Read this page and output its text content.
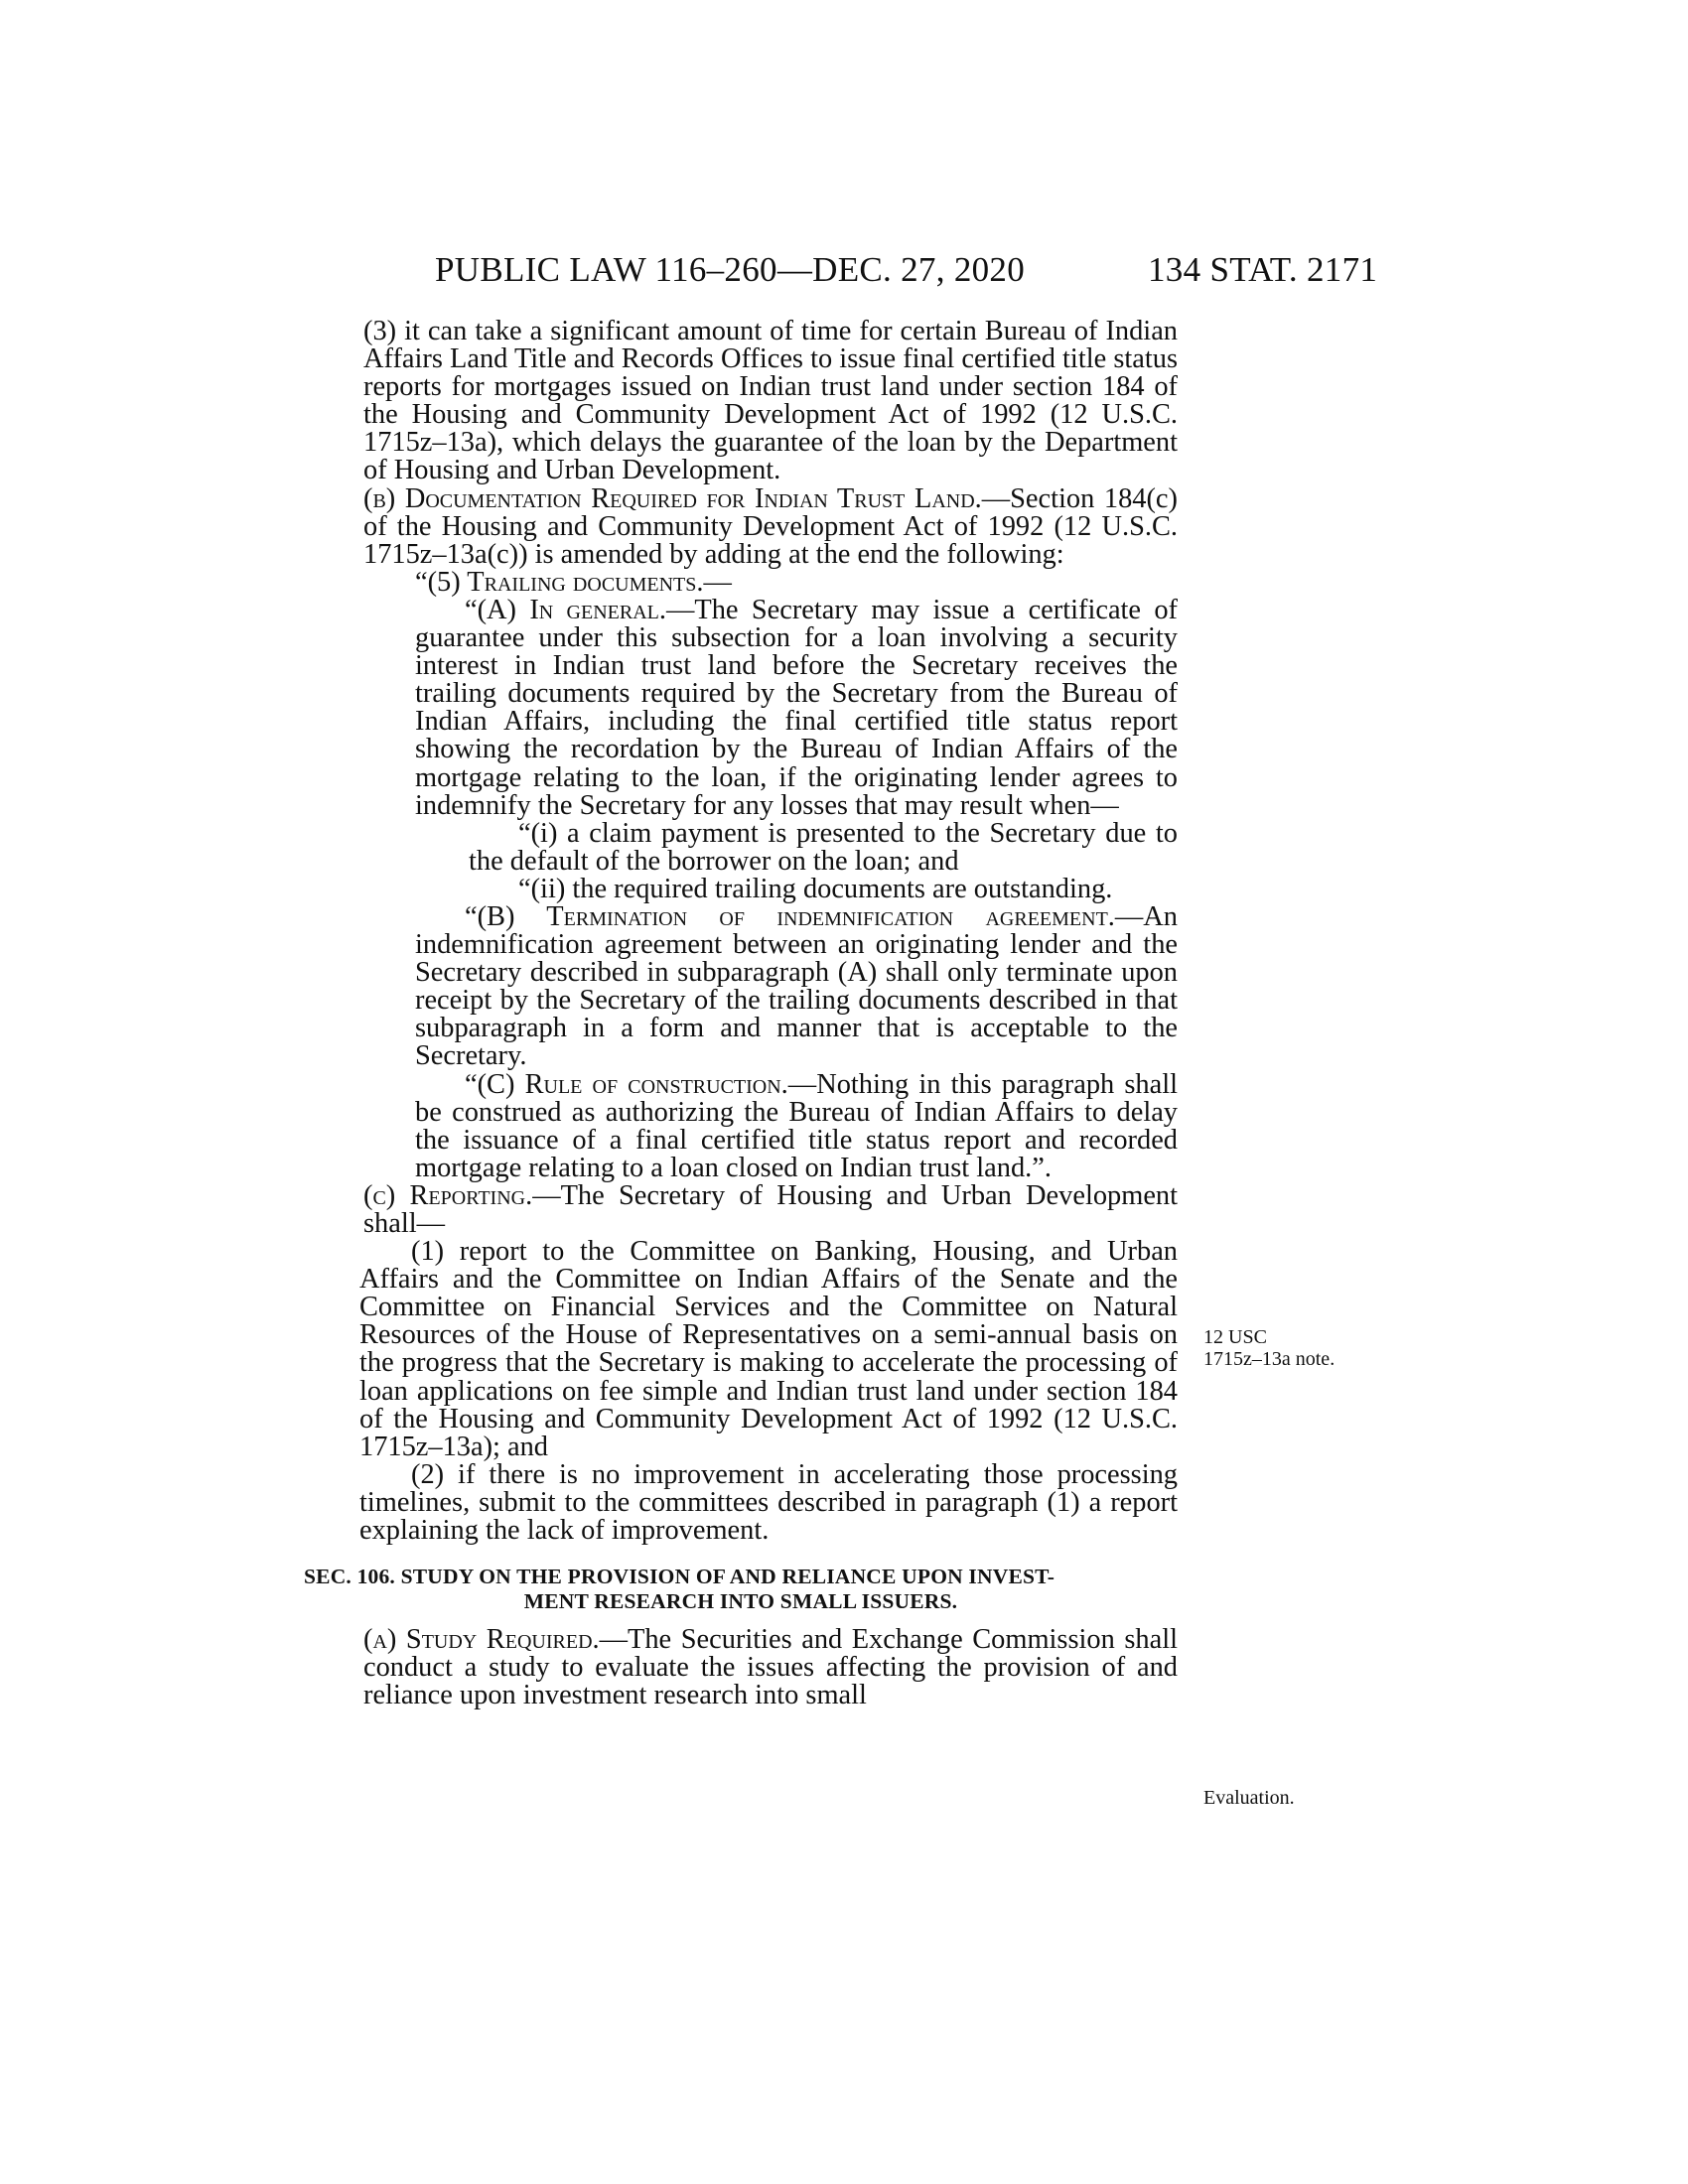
PUBLIC LAW 116–260—DEC. 27, 2020	134 STAT. 2171

(3) it can take a significant amount of time for certain Bureau of Indian Affairs Land Title and Records Offices to issue final certified title status reports for mortgages issued on Indian trust land under section 184 of the Housing and Community Development Act of 1992 (12 U.S.C. 1715z–13a), which delays the guarantee of the loan by the Department of Housing and Urban Development.

(b) Documentation Required for Indian Trust Land.—Section 184(c) of the Housing and Community Development Act of 1992 (12 U.S.C. 1715z–13a(c)) is amended by adding at the end the following:

“(5) Trailing documents.—

“(A) In general.—The Secretary may issue a certificate of guarantee under this subsection for a loan involving a security interest in Indian trust land before the Secretary receives the trailing documents required by the Secretary from the Bureau of Indian Affairs, including the final certified title status report showing the recordation by the Bureau of Indian Affairs of the mortgage relating to the loan, if the originating lender agrees to indemnify the Secretary for any losses that may result when—

“(i) a claim payment is presented to the Secretary due to the default of the borrower on the loan; and

“(ii) the required trailing documents are outstanding.

“(B) Termination of indemnification agreement.—An indemnification agreement between an originating lender and the Secretary described in subparagraph (A) shall only terminate upon receipt by the Secretary of the trailing documents described in that subparagraph in a form and manner that is acceptable to the Secretary.

“(C) Rule of construction.—Nothing in this paragraph shall be construed as authorizing the Bureau of Indian Affairs to delay the issuance of a final certified title status report and recorded mortgage relating to a loan closed on Indian trust land.”.

(c) Reporting.—The Secretary of Housing and Urban Development shall—

(1) report to the Committee on Banking, Housing, and Urban Affairs and the Committee on Indian Affairs of the Senate and the Committee on Financial Services and the Committee on Natural Resources of the House of Representatives on a semi-annual basis on the progress that the Secretary is making to accelerate the processing of loan applications on fee simple and Indian trust land under section 184 of the Housing and Community Development Act of 1992 (12 U.S.C. 1715z–13a); and

(2) if there is no improvement in accelerating those processing timelines, submit to the committees described in paragraph (1) a report explaining the lack of improvement.

SEC. 106. STUDY ON THE PROVISION OF AND RELIANCE UPON INVEST-
MENT RESEARCH INTO SMALL ISSUERS.

(a) Study Required.—The Securities and Exchange Commission shall conduct a study to evaluate the issues affecting the provision of and reliance upon investment research into small

12 USC
1715z–13a note.
Evaluation.
